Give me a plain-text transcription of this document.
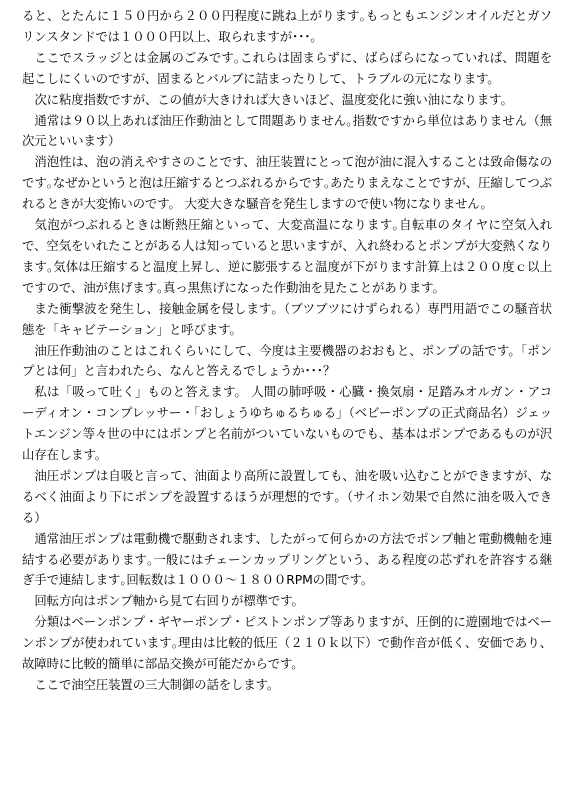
ると、とたんに１５０円から２００円程度に跳ね上がります｡もっともエンジンオイルだとガソリンスタンドでは１０００円以上、取られますが･･･。

ここでスラッジとは金属のごみです｡これらは固まらずに、ばらばらになっていれば、問題を起こしにくいのですが、固まるとバルブに詰まったりして、トラブルの元になります。

次に粘度指数ですが、この値が大きければ大きいほど、温度変化に強い油になります。

通常は９０以上あれば油圧作動油として問題ありません｡指数ですから単位はありません（無次元といいます）

消泡性は、泡の消えやすさのことです、油圧装置にとって泡が油に混入することは致命傷なのです｡なぜかというと泡は圧縮するとつぶれるからです｡あたりまえなことですが、圧縮してつぶれるときが大変怖いのです。 大変大きな騒音を発生しますので使い物になりません。

気泡がつぶれるときは断熱圧縮といって、大変高温になります｡自転車のタイヤに空気入れで、空気をいれたことがある人は知っていると思いますが、入れ終わるとポンプが大変熱くなります｡気体は圧縮すると温度上昇し、逆に膨張すると温度が下がります計算上は２００度ｃ以上ですので、油が焦げます｡真っ黒焦げになった作動油を見たことがあります。

また衝撃波を発生し、接触金属を侵します｡（ブツブツにけずられる）専門用語でこの騒音状態を「キャビテーション」と呼びます。

油圧作動油のことはこれくらいにして、今度は主要機器のおおもと、ポンプの話です。「ポンプとは何」と言われたら、なんと答えるでしょうか･･･？

私は「吸って吐く」ものと答えます。 人間の肺呼吸・心臓・換気扇・足踏みオルガン・アコーディオン・コンプレッサー・「おしょうゆちゅるちゅる」（ベビーポンプの正式商品名）ジェットエンジン等々世の中にはポンプと名前がついていないものでも、基本はポンプであるものが沢山存在します。

油圧ポンプは自吸と言って、油面より高所に設置しても、油を吸い込むことができますが、なるべく油面より下にポンプを設置するほうが理想的です｡（サイホン効果で自然に油を吸入できる）

通常油圧ポンプは電動機で駆動されます、したがって何らかの方法でポンプ軸と電動機軸を連結する必要があります｡一般にはチェーンカップリングという、ある程度の芯ずれを許容する継ぎ手で連結します｡回転数は１０００～１８００RPMの間です。

回転方向はポンプ軸から見て右回りが標準です。

分類はベーンポンプ・ギヤーポンプ・ピストンポンプ等ありますが、圧倒的に遊園地ではベーンポンプが使われています｡理由は比較的低圧（２１０ｋ以下）で動作音が低く、安価であり、故障時に比較的簡単に部品交換が可能だからです。

ここで油空圧装置の三大制御の話をします。
